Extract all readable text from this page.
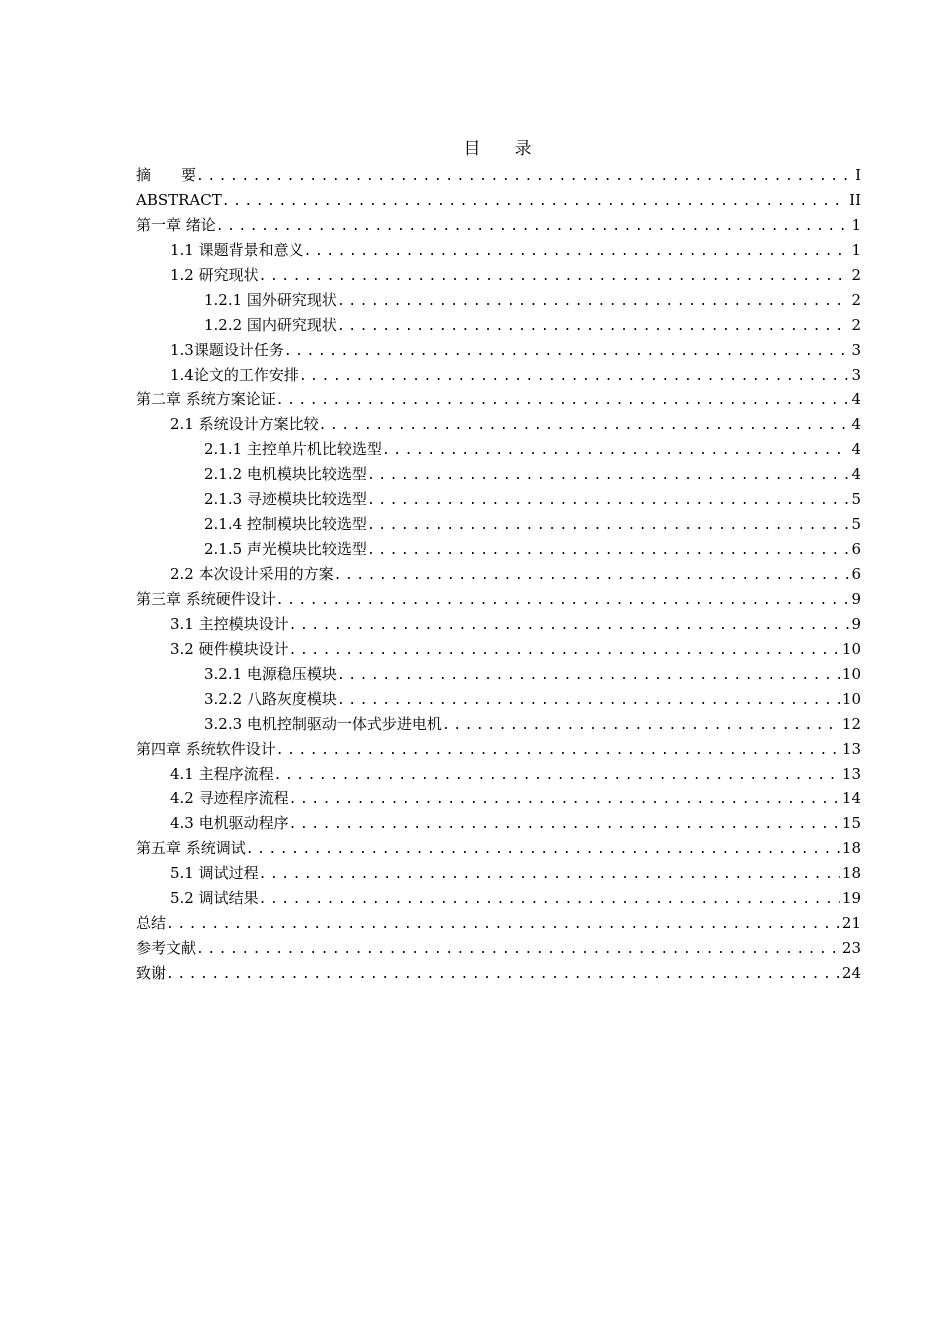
目　　录
摘　　要 .....	I
ABSTRACT .....	II
第一章 绪论 .....	1
1.1 课题背景和意义 .....	1
1.2 研究现状 .....	2
1.2.1 国外研究现状 .....	2
1.2.2 国内研究现状 .....	2
1.3课题设计任务 .....	3
1.4论文的工作安排 .....	3
第二章 系统方案论证 .....	4
2.1 系统设计方案比较 .....	4
2.1.1 主控单片机比较选型 .....	4
2.1.2 电机模块比较选型 .....	4
2.1.3 寻迹模块比较选型 .....	5
2.1.4 控制模块比较选型 .....	5
2.1.5 声光模块比较选型 .....	6
2.2 本次设计采用的方案 .....	6
第三章 系统硬件设计 .....	9
3.1 主控模块设计 .....	9
3.2 硬件模块设计 .....	10
3.2.1 电源稳压模块 .....	10
3.2.2 八路灰度模块 .....	10
3.2.3 电机控制驱动一体式步进电机 .....	12
第四章 系统软件设计 .....	13
4.1 主程序流程 .....	13
4.2 寻迹程序流程 .....	14
4.3 电机驱动程序 .....	15
第五章 系统调试 .....	18
5.1 调试过程 .....	18
5.2 调试结果 .....	19
总结 .....	21
参考文献 .....	23
致谢 .....	24
